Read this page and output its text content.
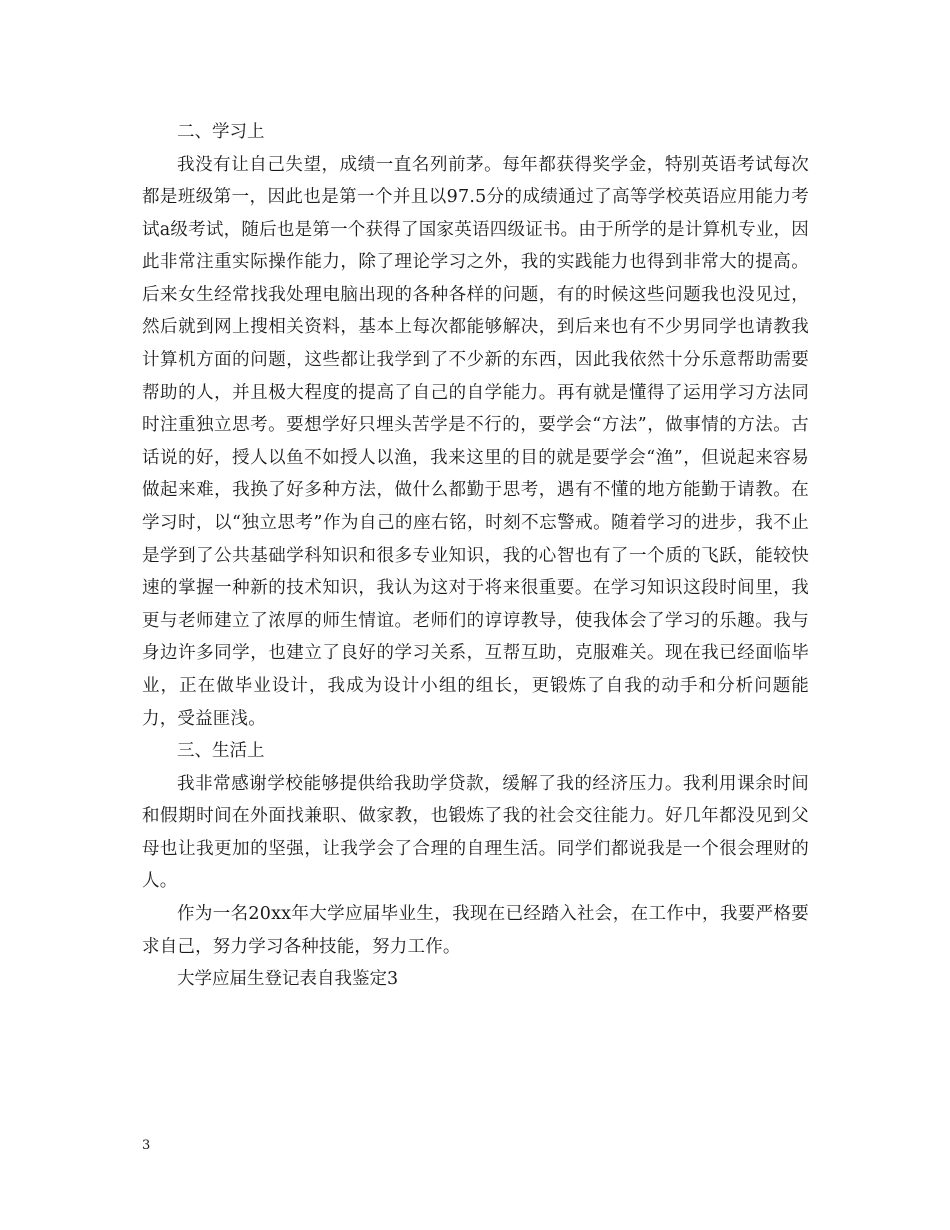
二、学习上

我没有让自己失望，成绩一直名列前茅。每年都获得奖学金，特别英语考试每次都是班级第一，因此也是第一个并且以97.5分的成绩通过了高等学校英语应用能力考试a级考试，随后也是第一个获得了国家英语四级证书。由于所学的是计算机专业，因此非常注重实际操作能力，除了理论学习之外，我的实践能力也得到非常大的提高。后来女生经常找我处理电脑出现的各种各样的问题，有的时候这些问题我也没见过，然后就到网上搜相关资料，基本上每次都能够解决，到后来也有不少男同学也请教我计算机方面的问题，这些都让我学到了不少新的东西，因此我依然十分乐意帮助需要帮助的人，并且极大程度的提高了自己的自学能力。再有就是懂得了运用学习方法同时注重独立思考。要想学好只埋头苦学是不行的，要学会“方法”，做事情的方法。古话说的好，授人以鱼不如授人以渔，我来这里的目的就是要学会“渔”，但说起来容易做起来难，我换了好多种方法，做什么都勤于思考，遇有不懂的地方能勤于请教。在学习时，以“独立思考”作为自己的座右铭，时刻不忘警戒。随着学习的进步，我不止是学到了公共基础学科知识和很多专业知识，我的心智也有了一个质的飞跃，能较快速的掌握一种新的技术知识，我认为这对于将来很重要。在学习知识这段时间里，我更与老师建立了浓厚的师生情谊。老师们的谆谆教导，使我体会了学习的乐趣。我与身边许多同学，也建立了良好的学习关系，互帮互助，克服难关。现在我已经面临毕业，正在做毕业设计，我成为设计小组的组长，更锻炼了自我的动手和分析问题能力，受益匪浅。

三、生活上

我非常感谢学校能够提供给我助学贷款，缓解了我的经济压力。我利用课余时间和假期时间在外面找兼职、做家教，也锻炼了我的社会交往能力。好几年都没见到父母也让我更加的坚强，让我学会了合理的自理生活。同学们都说我是一个很会理财的人。

作为一名20xx年大学应届毕业生，我现在已经踏入社会，在工作中，我要严格要求自己，努力学习各种技能，努力工作。

大学应届生登记表自我鉴定3

3
